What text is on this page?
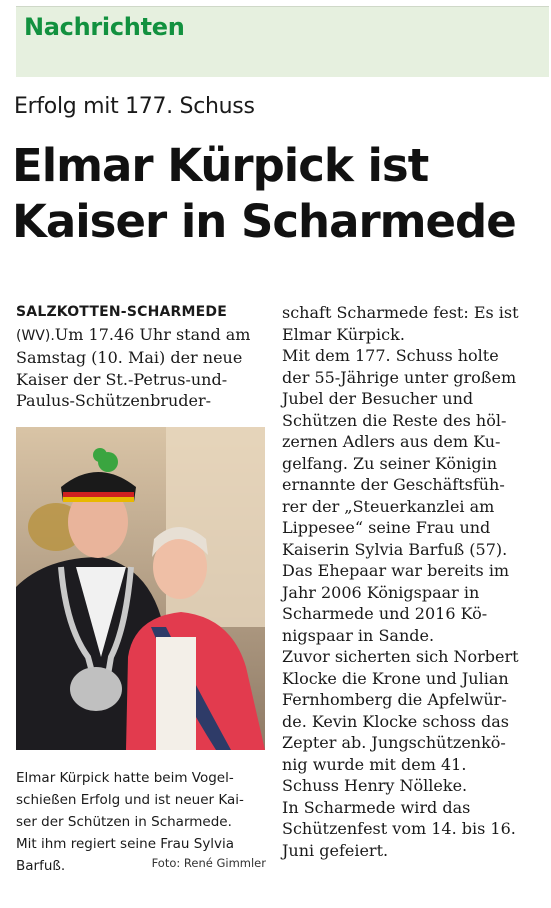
Nachrichten
Erfolg mit 177. Schuss
Elmar Kürpick ist
Kaiser in Scharmede
SALZKOTTEN-SCHARMEDE
(WV).Um 17.46 Uhr stand am
Samstag (10. Mai) der neue
Kaiser der St.-Petrus-und-
Paulus-Schützenbruder-
schaft Scharmede fest: Es ist
Elmar Kürpick.
Mit dem 177. Schuss holte
der 55-Jährige unter großem
Jubel der Besucher und
Schützen die Reste des höl-
zernen Adlers aus dem Ku-
gelfang. Zu seiner Königin
ernannte der Geschäftsfüh-
rer der „Steuerkanzlei am
Lippesee“ seine Frau und
Kaiserin Sylvia Barfuß (57).
Das Ehepaar war bereits im
Jahr 2006 Königspaar in
Scharmede und 2016 Kö-
nigspaar in Sande.
Zuvor sicherten sich Norbert
Klocke die Krone und Julian
Fernhomberg die Apfelwür-
de. Kevin Klocke schoss das
Zepter ab. Jungschützenkö-
nig wurde mit dem 41.
Schuss Henry Nölleke.
In Scharmede wird das
Schützenfest vom 14. bis 16.
Juni gefeiert.
Elmar Kürpick hatte beim Vogel-
schießen Erfolg und ist neuer Kai-
ser der Schützen in Scharmede.
Mit ihm regiert seine Frau Sylvia
Barfuß.	Foto: René Gimmler
